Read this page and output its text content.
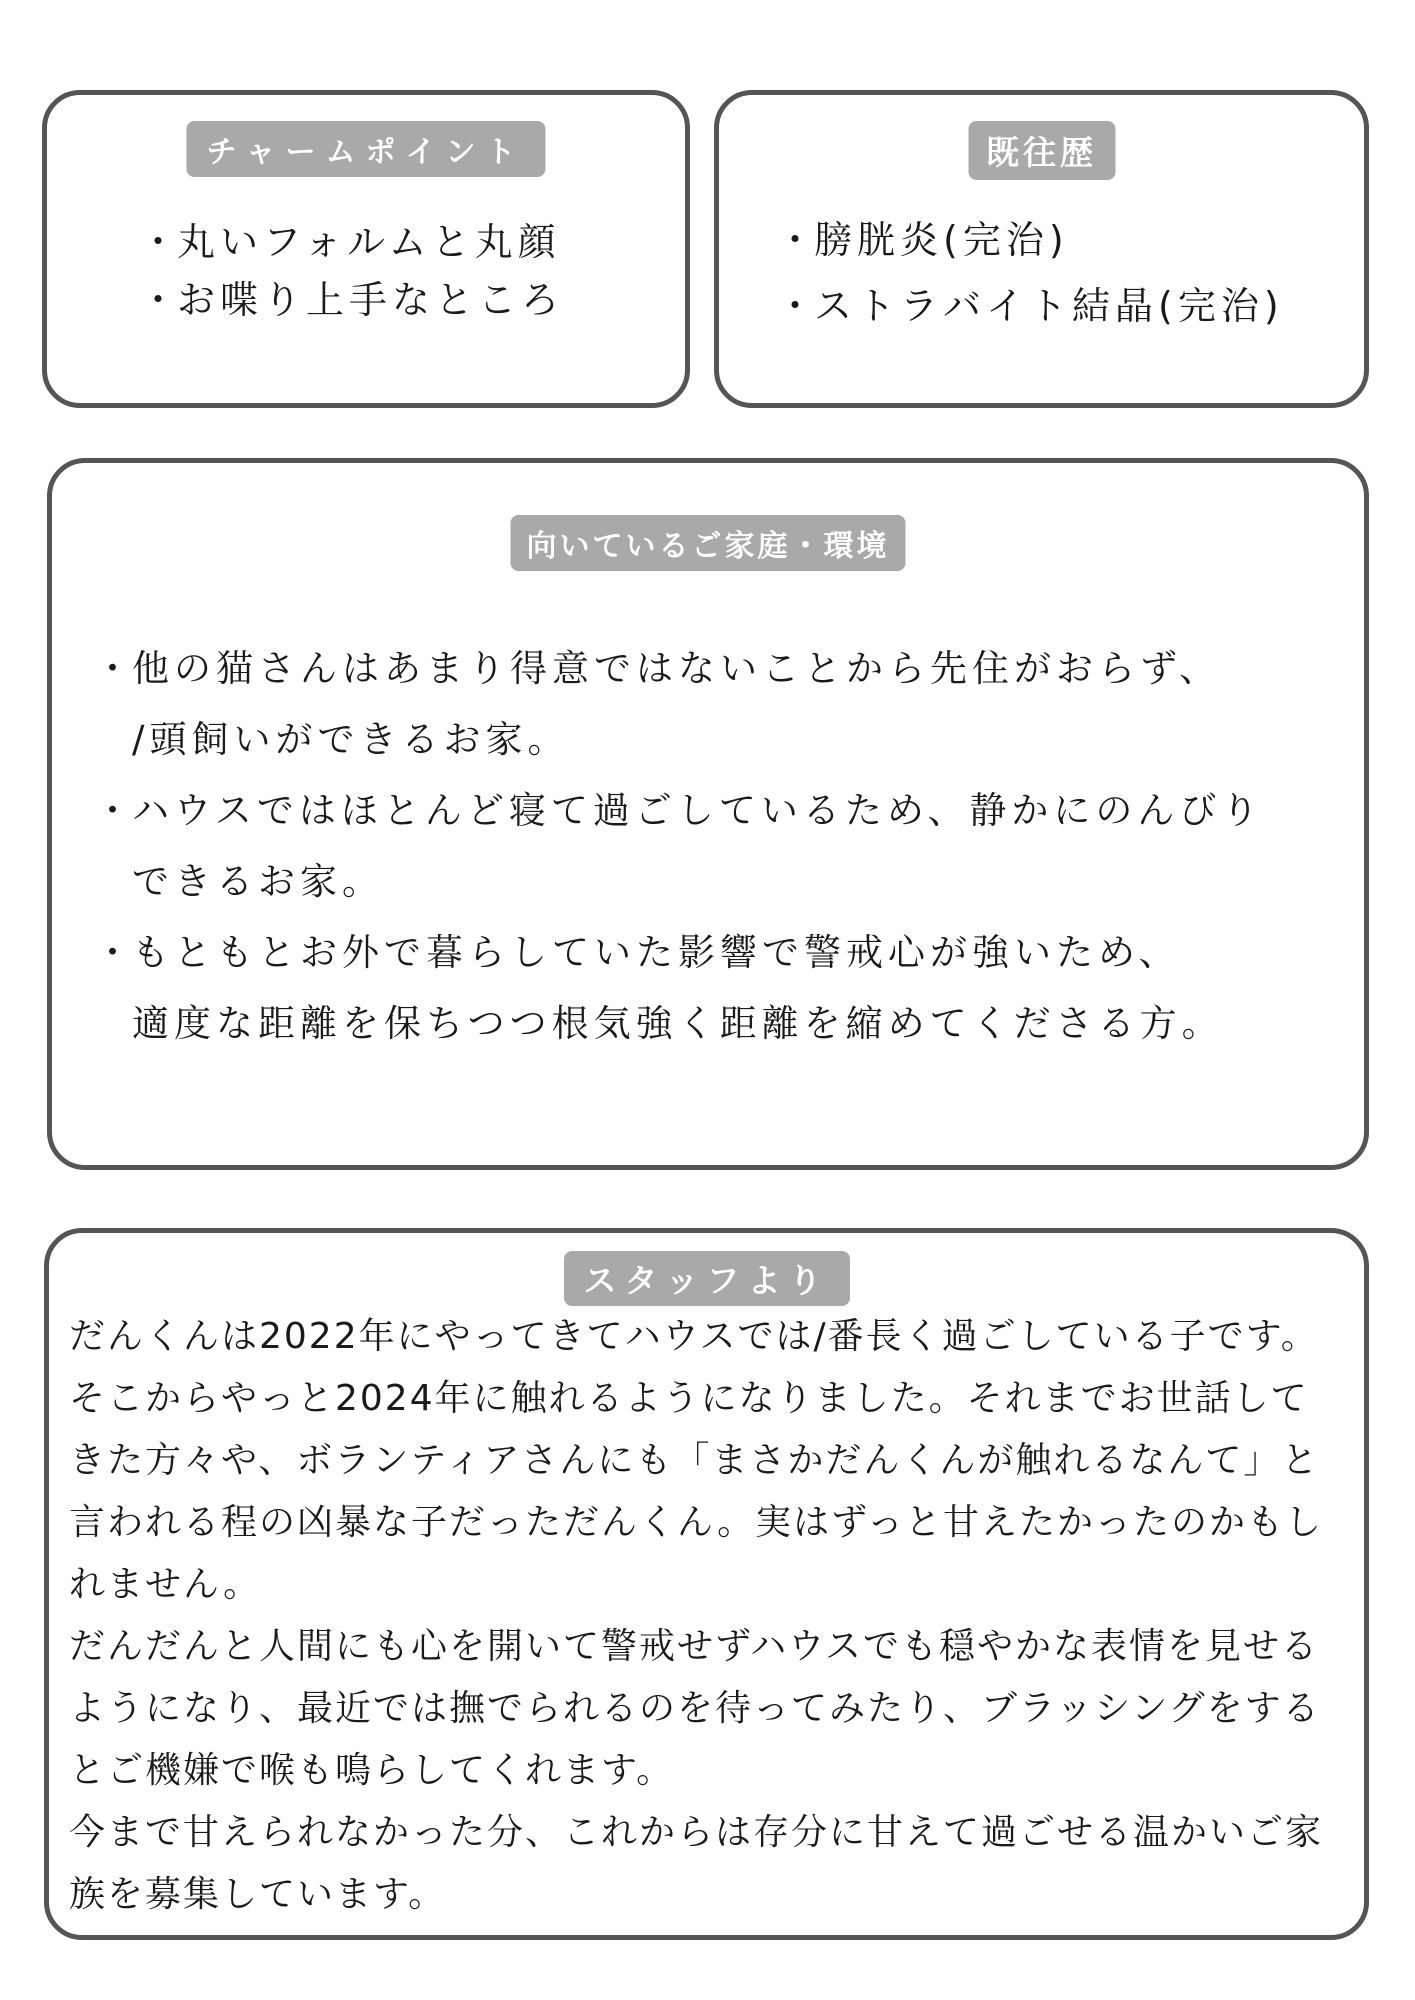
チャームポイント
・ 丸いフォルムと丸顔
・ お喋り上手なところ
既往歴
・ 膀胱炎(完治)
・ ストラバイト結晶(完治)
向いているご家庭・環境
・ 他の猫さんはあまり得意ではないことから先住がおらず、
/頭飼いができるお家。
・ ハウスではほとんど寝て過ごしているため、静かにのんびり
できるお家。
・ もともとお外で暮らしていた影響で警戒心が強いため、
適度な距離を保ちつつ根気強く距離を縮めてくださる方。
スタッフより

だんくんは2022年にやってきてハウスでは/番長く過ごしている子です。

そこからやっと2024年に触れるようになりました。それまでお世話してきた方々や、ボランティアさんにも「まさかだんくんが触れるなんて」と言われる程の凶暴な子だっただんくん。実はずっと甘えたかったのかもしれません。

だんだんと人間にも心を開いて警戒せずハウスでも穏やかな表情を見せるようになり、最近では撫でられるのを待ってみたり、ブラッシングをするとご機嫌で喉も鳴らしてくれます。

今まで甘えられなかった分、これからは存分に甘えて過ごせる温かいご家族を募集しています。
